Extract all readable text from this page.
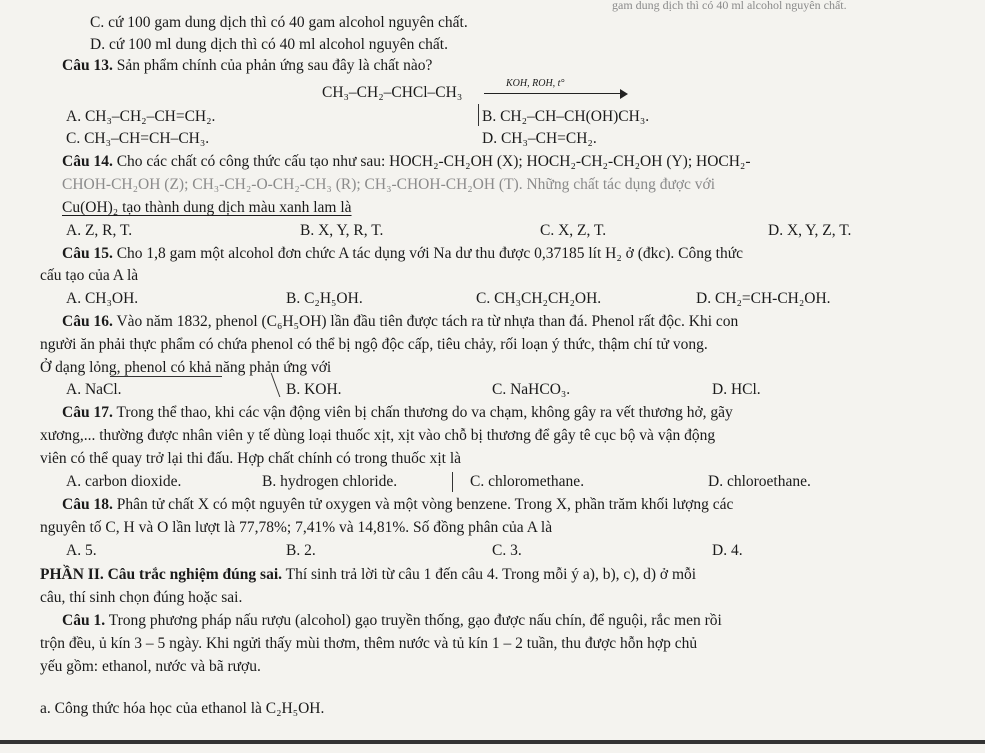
gam dung dịch thì có 40 ml alcohol nguyên chất.
C. cứ 100 gam dung dịch thì có 40 gam alcohol nguyên chất.
D. cứ 100 ml dung dịch thì có 40 ml alcohol nguyên chất.
Câu 13. Sản phẩm chính của phản ứng sau đây là chất nào?
CH₃–CH₂–CHCl–CH₃
KOH, ROH, t°
A. CH₃–CH₂–CH=CH₂.	B. CH₂–CH–CH(OH)CH₃.
C. CH₃–CH=CH–CH₃.	D. CH₃–CH=CH₂.
Câu 14. Cho các chất có công thức cấu tạo như sau: HOCH₂-CH₂OH (X); HOCH₂-CH₂-CH₂OH (Y); HOCH₂-
CHOH-CH₂OH (Z); CH₃-CH₂-O-CH₂-CH₃ (R); CH₃-CHOH-CH₂OH (T). Những chất tác dụng được với
Cu(OH)₂ tạo thành dung dịch màu xanh lam là
A. Z, R, T.	B. X, Y, R, T.	C. X, Z, T.	D. X, Y, Z, T.
Câu 15. Cho 1,8 gam một alcohol đơn chức A tác dụng với Na dư thu được 0,37185 lít H₂ ở (đkc). Công thức
cấu tạo của A là
A. CH₃OH.	B. C₂H₅OH.	C. CH₃CH₂CH₂OH.	D. CH₂=CH-CH₂OH.
Câu 16. Vào năm 1832, phenol (C₆H₅OH) lần đầu tiên được tách ra từ nhựa than đá. Phenol rất độc. Khi con
người ăn phải thực phẩm có chứa phenol có thể bị ngộ độc cấp, tiêu chảy, rối loạn ý thức, thậm chí tử vong.
Ở dạng lỏng, phenol có khả năng phản ứng với
A. NaCl.	B. KOH.	C. NaHCO₃.	D. HCl.
Câu 17. Trong thể thao, khi các vận động viên bị chấn thương do va chạm, không gây ra vết thương hở, gãy
xương,... thường được nhân viên y tế dùng loại thuốc xịt, xịt vào chỗ bị thương để gây tê cục bộ và vận động
viên có thể quay trở lại thi đấu. Hợp chất chính có trong thuốc xịt là
A. carbon dioxide.	B. hydrogen chloride.	C. chloromethane.	D. chloroethane.
Câu 18. Phân tử chất X có một nguyên tử oxygen và một vòng benzene. Trong X, phần trăm khối lượng các
nguyên tố C, H và O lần lượt là 77,78%; 7,41% và 14,81%. Số đồng phân của A là
A. 5.	B. 2.	C. 3.	D. 4.
PHẦN II. Câu trắc nghiệm đúng sai. Thí sinh trả lời từ câu 1 đến câu 4. Trong mỗi ý a), b), c), d) ở mỗi
câu, thí sinh chọn đúng hoặc sai.
Câu 1. Trong phương pháp nấu rượu (alcohol) gạo truyền thống, gạo được nấu chín, để nguội, rắc men rồi
trộn đều, ủ kín 3 – 5 ngày. Khi ngửi thấy mùi thơm, thêm nước và tủ kín 1 – 2 tuần, thu được hỗn hợp chủ
yếu gồm: ethanol, nước và bã rượu.
a. Công thức hóa học của ethanol là C₂H₅OH.
